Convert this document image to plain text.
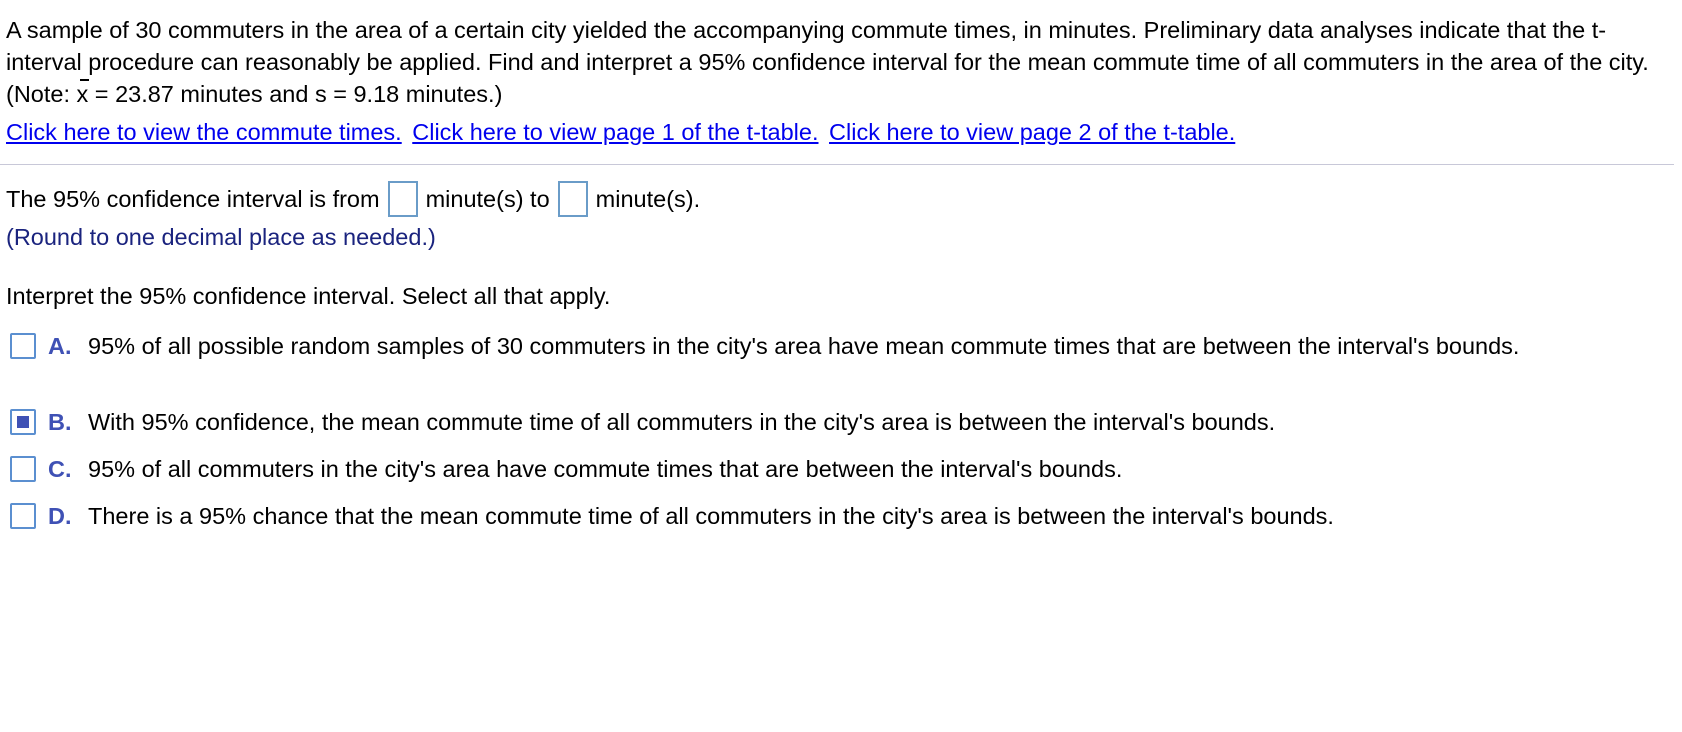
A sample of 30 commuters in the area of a certain city yielded the accompanying commute times, in minutes. Preliminary data analyses indicate that the t-interval procedure can reasonably be applied. Find and interpret a 95% confidence interval for the mean commute time of all commuters in the area of the city. (Note: x = 23.87 minutes and s = 9.18 minutes.)

Click here to view the commute times. Click here to view page 1 of the t-table. Click here to view page 2 of the t-table.
The 95% confidence interval is from minute(s) to minute(s).
(Round to one decimal place as needed.)
Interpret the 95% confidence interval. Select all that apply.
A. 95% of all possible random samples of 30 commuters in the city's area have mean commute times that are between the interval's bounds.
B. With 95% confidence, the mean commute time of all commuters in the city's area is between the interval's bounds.
C. 95% of all commuters in the city's area have commute times that are between the interval's bounds.
D. There is a 95% chance that the mean commute time of all commuters in the city's area is between the interval's bounds.
